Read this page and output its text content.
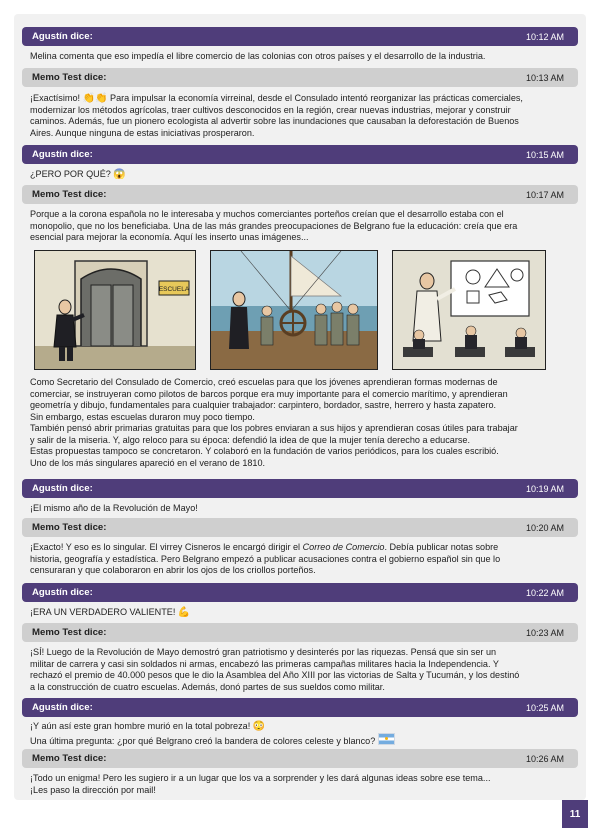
Agustín dice:	10:12 AM

Melina comenta que eso impedía el libre comercio de las colonias con otros países y el desarrollo de la industria.

Memo Test dice:	10:13 AM

¡Exactísimo! 👏👏 Para impulsar la economía virreinal, desde el Consulado intentó reorganizar las prácticas comerciales,

modernizar los métodos agrícolas, traer cultivos desconocidos en la región, crear nuevas industrias, mejorar y construir

caminos. Además, fue un pionero ecologista al advertir sobre las inundaciones que causaban la deforestación de Buenos

Aires. Aunque ninguna de estas iniciativas prosperaron.

Agustín dice:	10:15 AM

¿PERO POR QUÉ? 😱

Memo Test dice:	10:17 AM

Porque a la corona española no le interesaba y muchos comerciantes porteños creían que el desarrollo estaba con el

monopolio, que no los beneficiaba. Una de las más grandes preocupaciones de Belgrano fue la educación: creía que era

esencial para mejorar la economía. Aquí les inserto unas imágenes...

ESCUELA

Como Secretario del Consulado de Comercio, creó escuelas para que los jóvenes aprendieran formas modernas de

comerciar, se instruyeran como pilotos de barcos porque era muy importante para el comercio marítimo, y aprendieran

geometría y dibujo, fundamentales para cualquier trabajador: carpintero, bordador, sastre, herrero y hasta zapatero.

Sin embargo, estas escuelas duraron muy poco tiempo.

También pensó abrir primarias gratuitas para que los pobres enviaran a sus hijos y aprendieran cosas útiles para trabajar

y salir de la miseria. Y, algo reloco para su época: defendió la idea de que la mujer tenía derecho a educarse.

Estas propuestas tampoco se concretaron. Y colaboró en la fundación de varios periódicos, para los cuales escribió.

Uno de los más singulares apareció en el verano de 1810.

Agustín dice:	10:19 AM

¡El mismo año de la Revolución de Mayo!

Memo Test dice:	10:20 AM

¡Exacto! Y eso es lo singular. El virrey Cisneros le encargó dirigir el Correo de Comercio. Debía publicar notas sobre

historia, geografía y estadística. Pero Belgrano empezó a publicar acusaciones contra el gobierno español sin que lo

censuraran y que colaboraron en abrir los ojos de los criollos porteños.

Agustín dice:	10:22 AM

¡ERA UN VERDADERO VALIENTE! 💪

Memo Test dice:	10:23 AM

¡SÍ! Luego de la Revolución de Mayo demostró gran patriotismo y desinterés por las riquezas. Pensá que sin ser un

militar de carrera y casi sin soldados ni armas, encabezó las primeras campañas militares hacia la Independencia. Y

rechazó el premio de 40.000 pesos que le dio la Asamblea del Año XIII por las victorias de Salta y Tucumán, y los destinó

a la construcción de cuatro escuelas. Además, donó partes de sus sueldos como militar.

Agustín dice:	10:25 AM

¡Y aún así este gran hombre murió en la total pobreza! 😳

Una última pregunta: ¿por qué Belgrano creó la bandera de colores celeste y blanco?

Memo Test dice:	10:26 AM

¡Todo un enigma! Pero les sugiero ir a un lugar que los va a sorprender y les dará algunas ideas sobre ese tema...

¡Les paso la dirección por mail!

11
